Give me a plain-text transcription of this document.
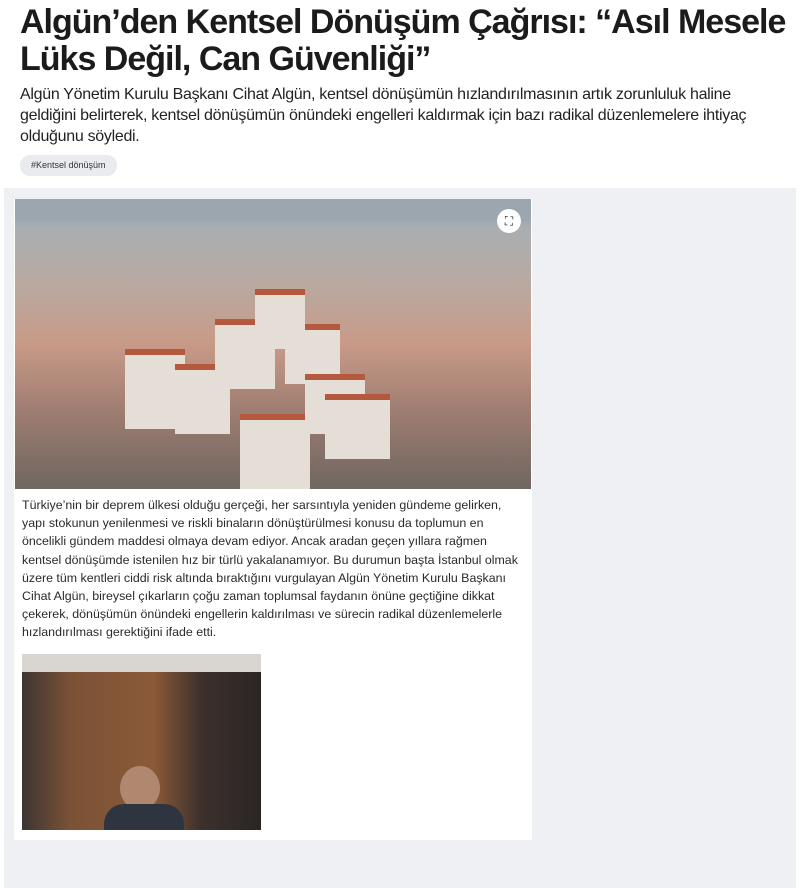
Algün’den Kentsel Dönüşüm Çağrısı: “Asıl Mesele Lüks Değil, Can Güvenliği”

Algün Yönetim Kurulu Başkanı Cihat Algün, kentsel dönüşümün hızlandırılmasının artık zorunluluk haline geldiğini belirterek, kentsel dönüşümün önündeki engelleri kaldırmak için bazı radikal düzenlemelere ihtiyaç olduğunu söyledi.

#Kentsel dönüşüm
⛶

Türkiye’nin bir deprem ülkesi olduğu gerçeği, her sarsıntıyla yeniden gündeme gelirken, yapı stokunun yenilenmesi ve riskli binaların dönüştürülmesi konusu da toplumun en öncelikli gündem maddesi olmaya devam ediyor. Ancak aradan geçen yıllara rağmen kentsel dönüşümde istenilen hız bir türlü yakalanamıyor. Bu durumun başta İstanbul olmak üzere tüm kentleri ciddi risk altında bıraktığını vurgulayan Algün Yönetim Kurulu Başkanı Cihat Algün, bireysel çıkarların çoğu zaman toplumsal faydanın önüne geçtiğine dikkat çekerek, dönüşümün önündeki engellerin kaldırılması ve sürecin radikal düzenlemelerle hızlandırılması gerektiğini ifade etti.
